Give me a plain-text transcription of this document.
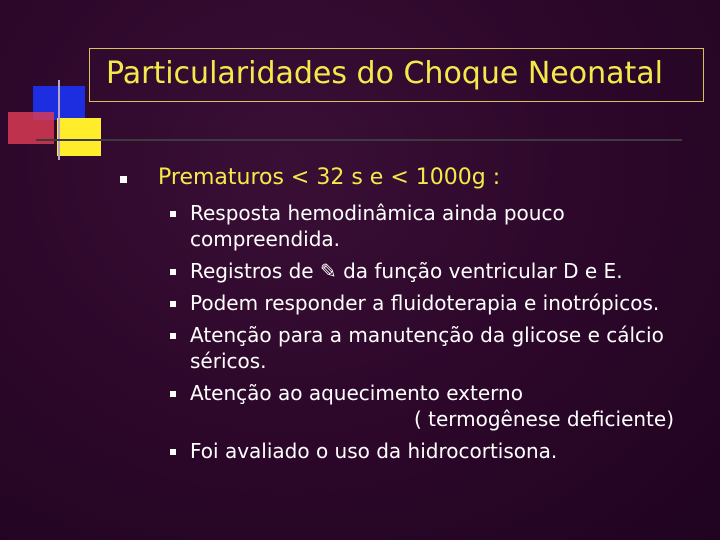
Particularidades do Choque Neonatal
Prematuros < 32 s e < 1000g :
Resposta hemodinâmica ainda pouco compreendida.
Registros de ✎ da função ventricular D e E.
Podem responder a fluidoterapia e inotrópicos.
Atenção para a manutenção da glicose e cálcio séricos.
Atenção ao aquecimento externo
( termogênese deficiente)
Foi avaliado o uso da hidrocortisona.
